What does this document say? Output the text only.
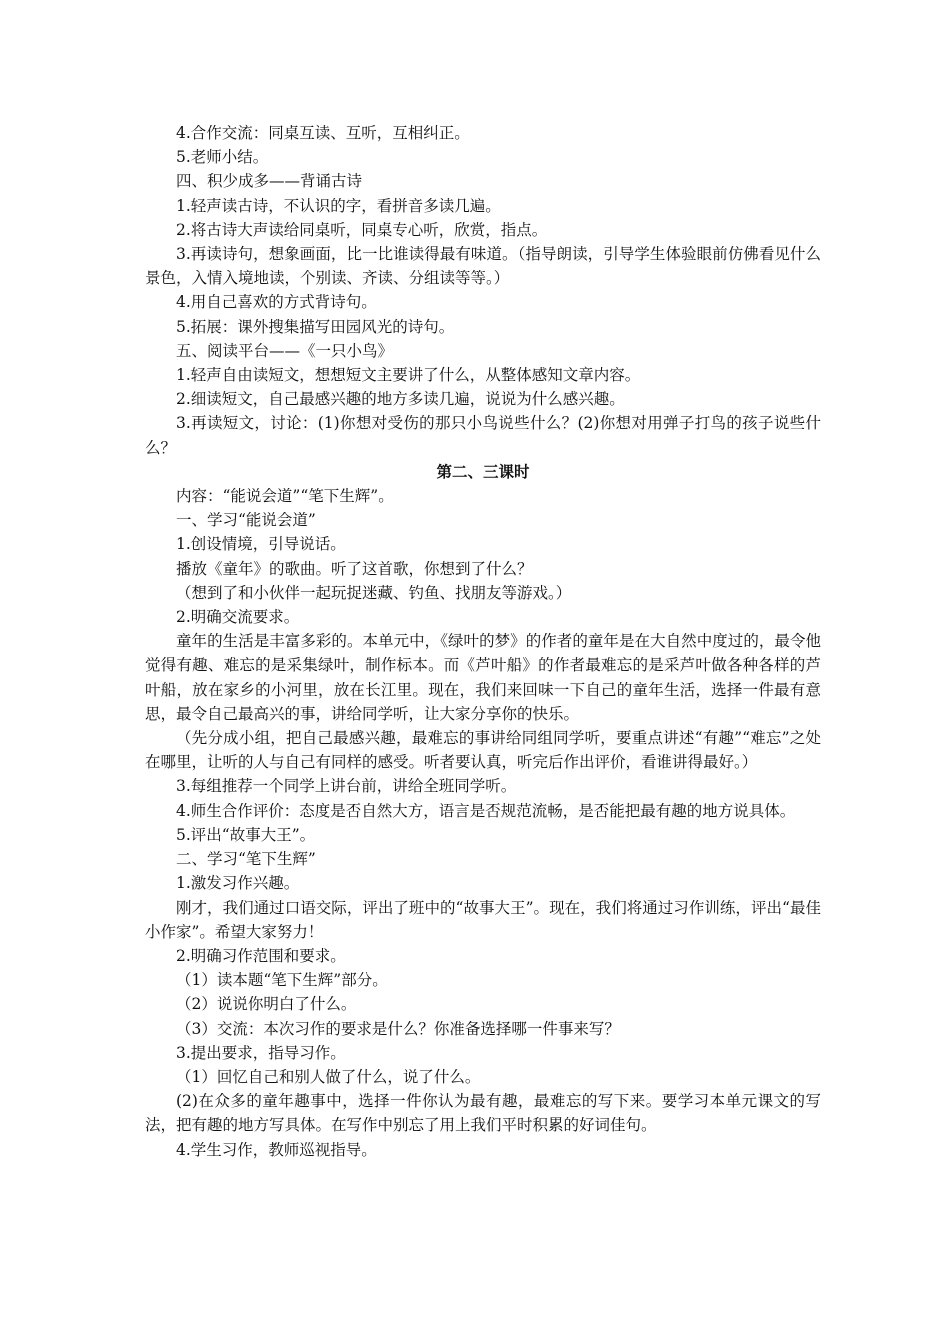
4.合作交流：同桌互读、互听，互相纠正。

5.老师小结。

四、积少成多——背诵古诗

1.轻声读古诗，不认识的字，看拼音多读几遍。

2.将古诗大声读给同桌听，同桌专心听，欣赏，指点。

3.再读诗句，想象画面，比一比谁读得最有味道。（指导朗读，引导学生体验眼前仿佛看见什么景色，入情入境地读，个别读、齐读、分组读等等。）

4.用自己喜欢的方式背诗句。

5.拓展：课外搜集描写田园风光的诗句。

五、阅读平台——《一只小鸟》

1.轻声自由读短文，想想短文主要讲了什么，从整体感知文章内容。

2.细读短文，自己最感兴趣的地方多读几遍，说说为什么感兴趣。

3.再读短文，讨论：(1)你想对受伤的那只小鸟说些什么？(2)你想对用弹子打鸟的孩子说些什么？

第二、三课时

内容：“能说会道”“笔下生辉”。

一、学习“能说会道”

1.创设情境，引导说话。

播放《童年》的歌曲。听了这首歌，你想到了什么？

（想到了和小伙伴一起玩捉迷藏、钓鱼、找朋友等游戏。）

2.明确交流要求。

童年的生活是丰富多彩的。本单元中，《绿叶的梦》的作者的童年是在大自然中度过的，最令他觉得有趣、难忘的是采集绿叶，制作标本。而《芦叶船》的作者最难忘的是采芦叶做各种各样的芦叶船，放在家乡的小河里，放在长江里。现在，我们来回味一下自己的童年生活，选择一件最有意思，最令自己最高兴的事，讲给同学听，让大家分享你的快乐。

（先分成小组，把自己最感兴趣，最难忘的事讲给同组同学听，要重点讲述“有趣”“难忘”之处在哪里，让听的人与自己有同样的感受。听者要认真，听完后作出评价，看谁讲得最好。）

3.每组推荐一个同学上讲台前，讲给全班同学听。

4.师生合作评价：态度是否自然大方，语言是否规范流畅，是否能把最有趣的地方说具体。

5.评出“故事大王”。

二、学习“笔下生辉”

1.激发习作兴趣。

刚才，我们通过口语交际，评出了班中的“故事大王”。现在，我们将通过习作训练，评出“最佳小作家”。希望大家努力！

2.明确习作范围和要求。

（1）读本题“笔下生辉”部分。

（2）说说你明白了什么。

（3）交流：本次习作的要求是什么？你准备选择哪一件事来写？

3.提出要求，指导习作。

（1）回忆自己和别人做了什么，说了什么。

(2)在众多的童年趣事中，选择一件你认为最有趣，最难忘的写下来。要学习本单元课文的写法，把有趣的地方写具体。在写作中别忘了用上我们平时积累的好词佳句。

4.学生习作，教师巡视指导。
